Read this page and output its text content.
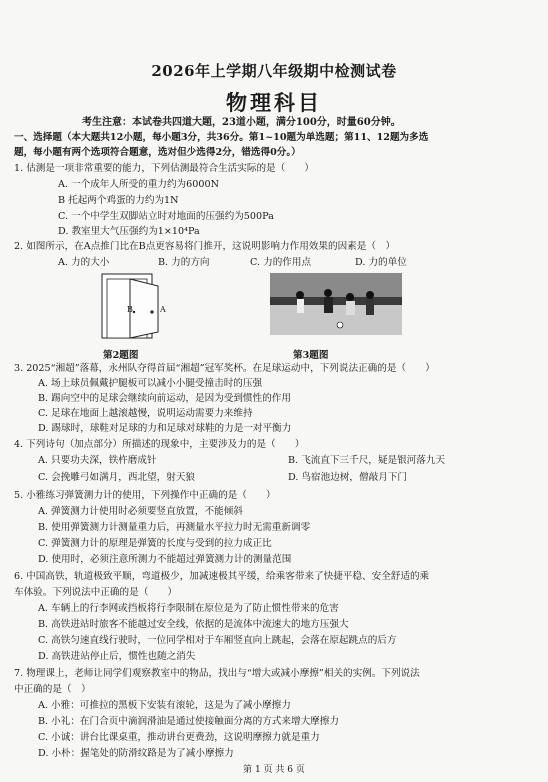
2026年上学期八年级期中检测试卷
物理科目
考生注意：本试卷共四道大题，23道小题，满分100分，时量60分钟。
一、选择题（本大题共12小题，每小题3分，共36分。第1~10题为单选题；第11、12题为多选
题，每小题有两个选项符合题意，选对但少选得2分，错选得0分。）
1. 估测是一项非常重要的能力，下列估测最符合生活实际的是（　　）
A. 一个成年人所受的重力约为6000N
B 托起两个鸡蛋的力约为1N
C. 一个中学生双脚站立时对地面的压强约为500Pa
D. 教室里大气压强约为1×10⁴Pa
2. 如图所示，在A点推门比在B点更容易将门推开，这说明影响力作用效果的因素是（　）
A. 力的大小	B. 力的方向	C. 力的作用点	D. 力的单位
B	A
第2题图	第3题图
3. 2025“湘超”落幕，永州队夺得首届“湘超”冠军奖杯。在足球运动中，下列说法正确的是（　　）
A. 场上球员佩戴护腿板可以减小小腿受撞击时的压强
B. 踢向空中的足球会继续向前运动，是因为受到惯性的作用
C. 足球在地面上越滚越慢，说明运动需要力来维持
D. 踢球时，球鞋对足球的力和足球对球鞋的力是一对平衡力
4. 下列诗句（加点部分）所描述的现象中，主要涉及力的是（　　）
A. 只要功夫深，铁杵磨成针	B. 飞流直下三千尺，疑是银河落九天
C. 会挽雕弓如满月，西北望，射天狼	D. 鸟宿池边树，僧敲月下门
5. 小雅练习弹簧测力计的使用，下列操作中正确的是（　　）
A. 弹簧测力计使用时必须要竖直放置，不能倾斜
B. 使用弹簧测力计测量重力后，再测量水平拉力时无需重新调零
C. 弹簧测力计的原理是弹簧的长度与受到的拉力成正比
D. 使用时，必须注意所测力不能超过弹簧测力计的测量范围
6. 中国高铁，轨道极致平顺，弯道极少，加减速极其平缓，给乘客带来了快捷平稳、安全舒适的乘
车体验。下列说法中正确的是（　　）
A. 车辆上的行李网或挡板将行李限制在原位是为了防止惯性带来的危害
B. 高铁进站时旅客不能越过安全线，依据的是流体中流速大的地方压强大
C. 高铁匀速直线行驶时，一位同学相对于车厢竖直向上跳起，会落在原起跳点的后方
D. 高铁进站停止后，惯性也随之消失
7. 物理课上，老师让同学们观察教室中的物品，找出与“增大或减小摩擦”相关的实例。下列说法
中正确的是（　）
A. 小雅：可推拉的黑板下安装有滚轮，这是为了减小摩擦力
B. 小礼：在门合页中滴润滑油是通过使接触面分离的方式来增大摩擦力
C. 小诚：讲台比课桌重，推动讲台更费劲，这说明摩擦力就是重力
D. 小朴：握笔处的防滑纹路是为了减小摩擦力
第 1 页 共 6 页
